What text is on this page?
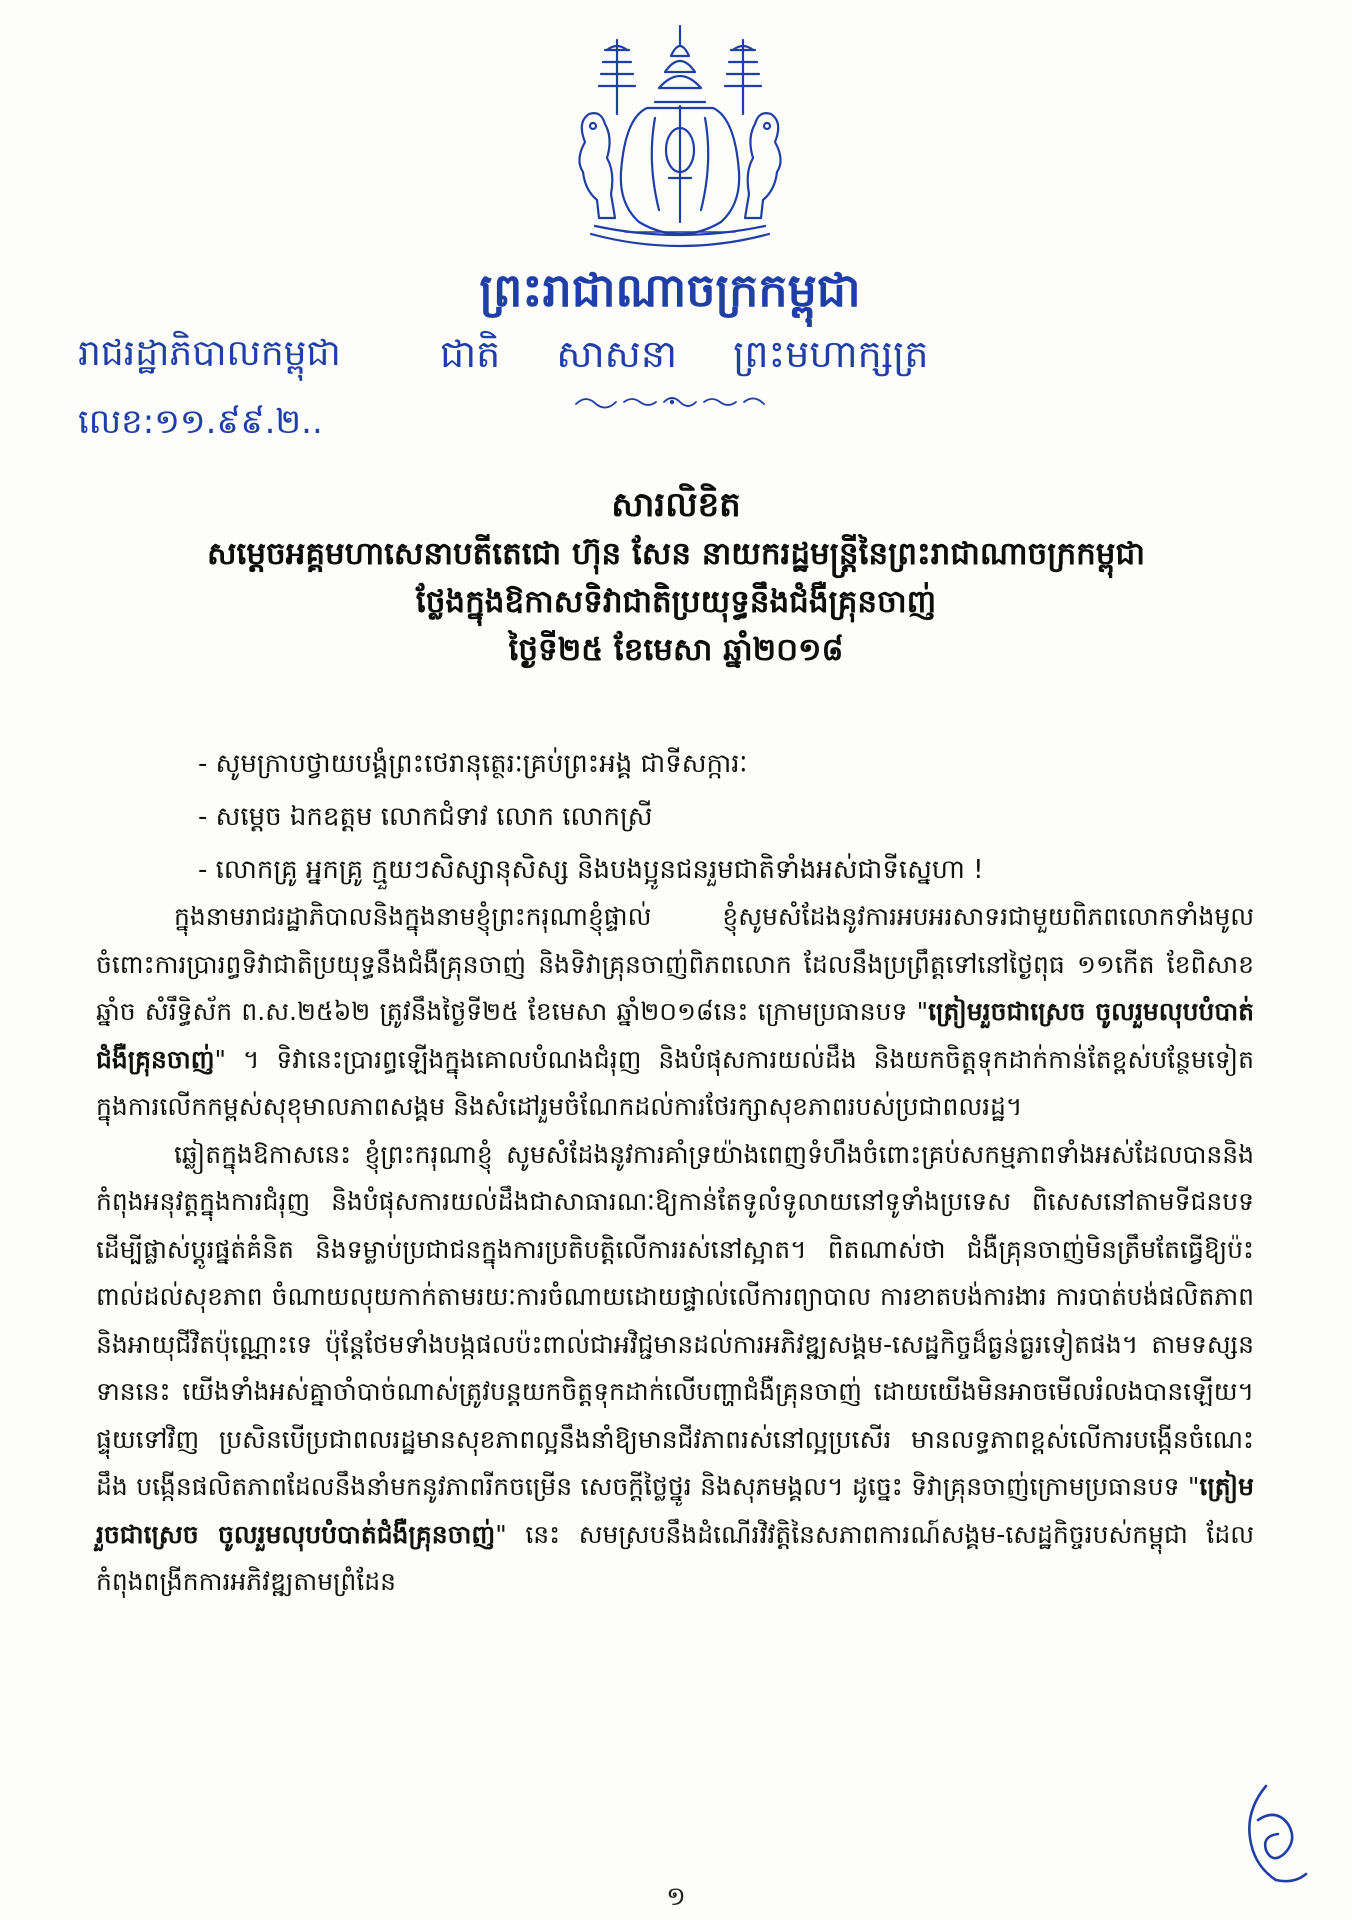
ព្រះរាជាណាចក្រកម្ពុជា
រាជរដ្ឋាភិបាលកម្ពុជា
លេខ:១១.៩៩.២..
ជាតិ សាសនា ព្រះមហាក្សត្រ
សារលិខិត
សម្តេចអគ្គមហាសេនាបតីតេជោ ហ៊ុន សែន នាយករដ្ឋមន្ត្រីនៃព្រះរាជាណាចក្រកម្ពុជា
ថ្លែងក្នុងឱកាសទិវាជាតិប្រយុទ្ធនឹងជំងឺគ្រុនចាញ់
ថ្ងៃទី២៥ ខែមេសា ឆ្នាំ២០១៨
- សូមក្រាបថ្វាយបង្គំព្រះថេរានុត្ថេរៈគ្រប់ព្រះអង្គ ជាទីសក្ការៈ
- សម្តេច ឯកឧត្តម លោកជំទាវ លោក លោកស្រី
- លោកគ្រូ អ្នកគ្រូ ក្មួយៗសិស្សានុសិស្ស និងបងប្អូនជនរួមជាតិទាំងអស់ជាទីស្នេហា !

ក្នុងនាមរាជរដ្ឋាភិបាលនិងក្នុងនាមខ្ញុំព្រះករុណាខ្ញុំផ្ទាល់ ខ្ញុំសូមសំដែងនូវការអបអរសាទរជាមួយពិភពលោកទាំងមូល ចំពោះការប្រារព្ធទិវាជាតិប្រយុទ្ធនឹងជំងឺគ្រុនចាញ់ និងទិវាគ្រុនចាញ់ពិភពលោក ដែលនឹងប្រព្រឹត្តទៅនៅថ្ងៃពុធ ១១កើត ខែពិសាខ ឆ្នាំច សំរឹទ្ធិស័ក ព.ស.២៥៦២ ត្រូវនឹងថ្ងៃទី២៥ ខែមេសា ឆ្នាំ២០១៨នេះ ក្រោមប្រធានបទ "ត្រៀមរួចជាស្រេច ចូលរួមលុបបំបាត់ជំងឺគ្រុនចាញ់" ។ ទិវានេះប្រារព្ធឡើងក្នុងគោលបំណងជំរុញ និងបំផុសការយល់ដឹង និងយកចិត្តទុកដាក់កាន់តែខ្ពស់បន្ថែមទៀត ក្នុងការលើកកម្ពស់សុខុមាលភាពសង្គម និងសំដៅរួមចំណែកដល់ការថែរក្សាសុខភាពរបស់ប្រជាពលរដ្ឋ។

ឆ្លៀតក្នុងឱកាសនេះ ខ្ញុំព្រះករុណាខ្ញុំ សូមសំដែងនូវការគាំទ្រយ៉ាងពេញទំហឹងចំពោះគ្រប់សកម្មភាពទាំងអស់ដែលបាននិងកំពុងអនុវត្តក្នុងការជំរុញ និងបំផុសការយល់ដឹងជាសាធារណៈឱ្យកាន់តែទូលំទូលាយនៅទូទាំងប្រទេស ពិសេសនៅតាមទីជនបទ ដើម្បីផ្លាស់ប្តូរផ្នត់គំនិត និងទម្លាប់ប្រជាជនក្នុងការប្រតិបត្តិលើការរស់នៅស្អាត។ ពិតណាស់ថា ជំងឺគ្រុនចាញ់មិនត្រឹមតែធ្វើឱ្យប៉ះពាល់ដល់សុខភាព ចំណាយលុយកាក់តាមរយៈការចំណាយដោយផ្ទាល់លើការព្យាបាល ការខាតបង់ការងារ ការបាត់បង់ផលិតភាព និងអាយុជីវិតប៉ុណ្ណោះទេ ប៉ុន្តែថែមទាំងបង្កផលប៉ះពាល់ជាអវិជ្ជមានដល់ការអភិវឌ្ឍសង្គម-សេដ្ឋកិច្ចដ៏ធ្ងន់ធ្ងរទៀតផង។ តាមទស្សនទាននេះ យើងទាំងអស់គ្នាចាំបាច់ណាស់ត្រូវបន្តយកចិត្តទុកដាក់លើបញ្ហាជំងឺគ្រុនចាញ់ ដោយយើងមិនអាចមើលរំលងបានឡើយ។ ផ្ទុយទៅវិញ ប្រសិនបើប្រជាពលរដ្ឋមានសុខភាពល្អនឹងនាំឱ្យមានជីវភាពរស់នៅល្អប្រសើរ មានលទ្ធភាពខ្ពស់លើការបង្កើនចំណេះដឹង បង្កើនផលិតភាពដែលនឹងនាំមកនូវភាពរីកចម្រើន សេចក្តីថ្លៃថ្នូរ និងសុភមង្គល។ ដូច្នេះ ទិវាគ្រុនចាញ់ក្រោមប្រធានបទ "ត្រៀមរួចជាស្រេច ចូលរួមលុបបំបាត់ជំងឺគ្រុនចាញ់" នេះ សមស្របនឹងដំណើរវិវត្តិនៃសភាពការណ៍សង្គម-សេដ្ឋកិច្ចរបស់កម្ពុជា ដែលកំពុងពង្រីកការអភិវឌ្ឍតាមព្រំដែន

១
